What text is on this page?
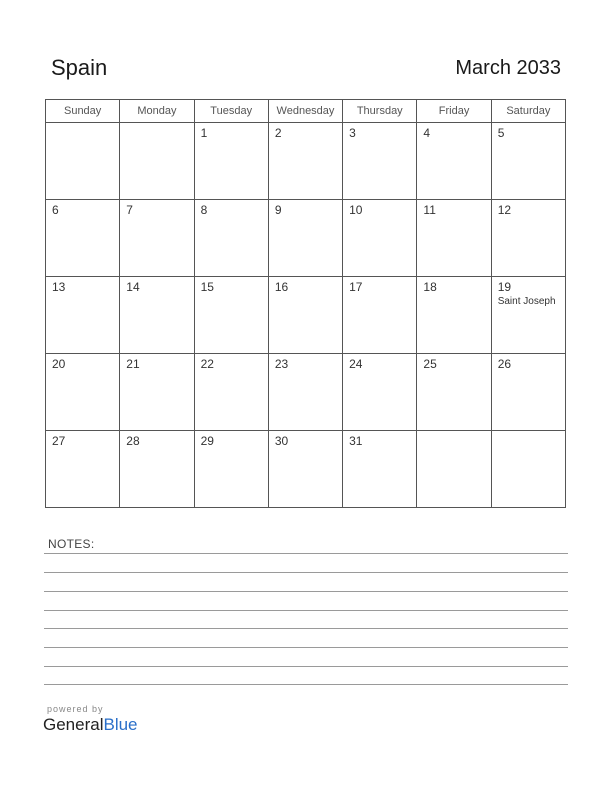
Spain	March 2033
Sunday	Monday	Tuesday	Wednesday	Thursday	Friday	Saturday

		1	2	3	4	5

6	7	8	9	10	11	12

13	14	15	16	17	18	19
Saint Joseph

20	21	22	23	24	25	26

27	28	29	30	31		

NOTES:
powered by
GeneralBlue
